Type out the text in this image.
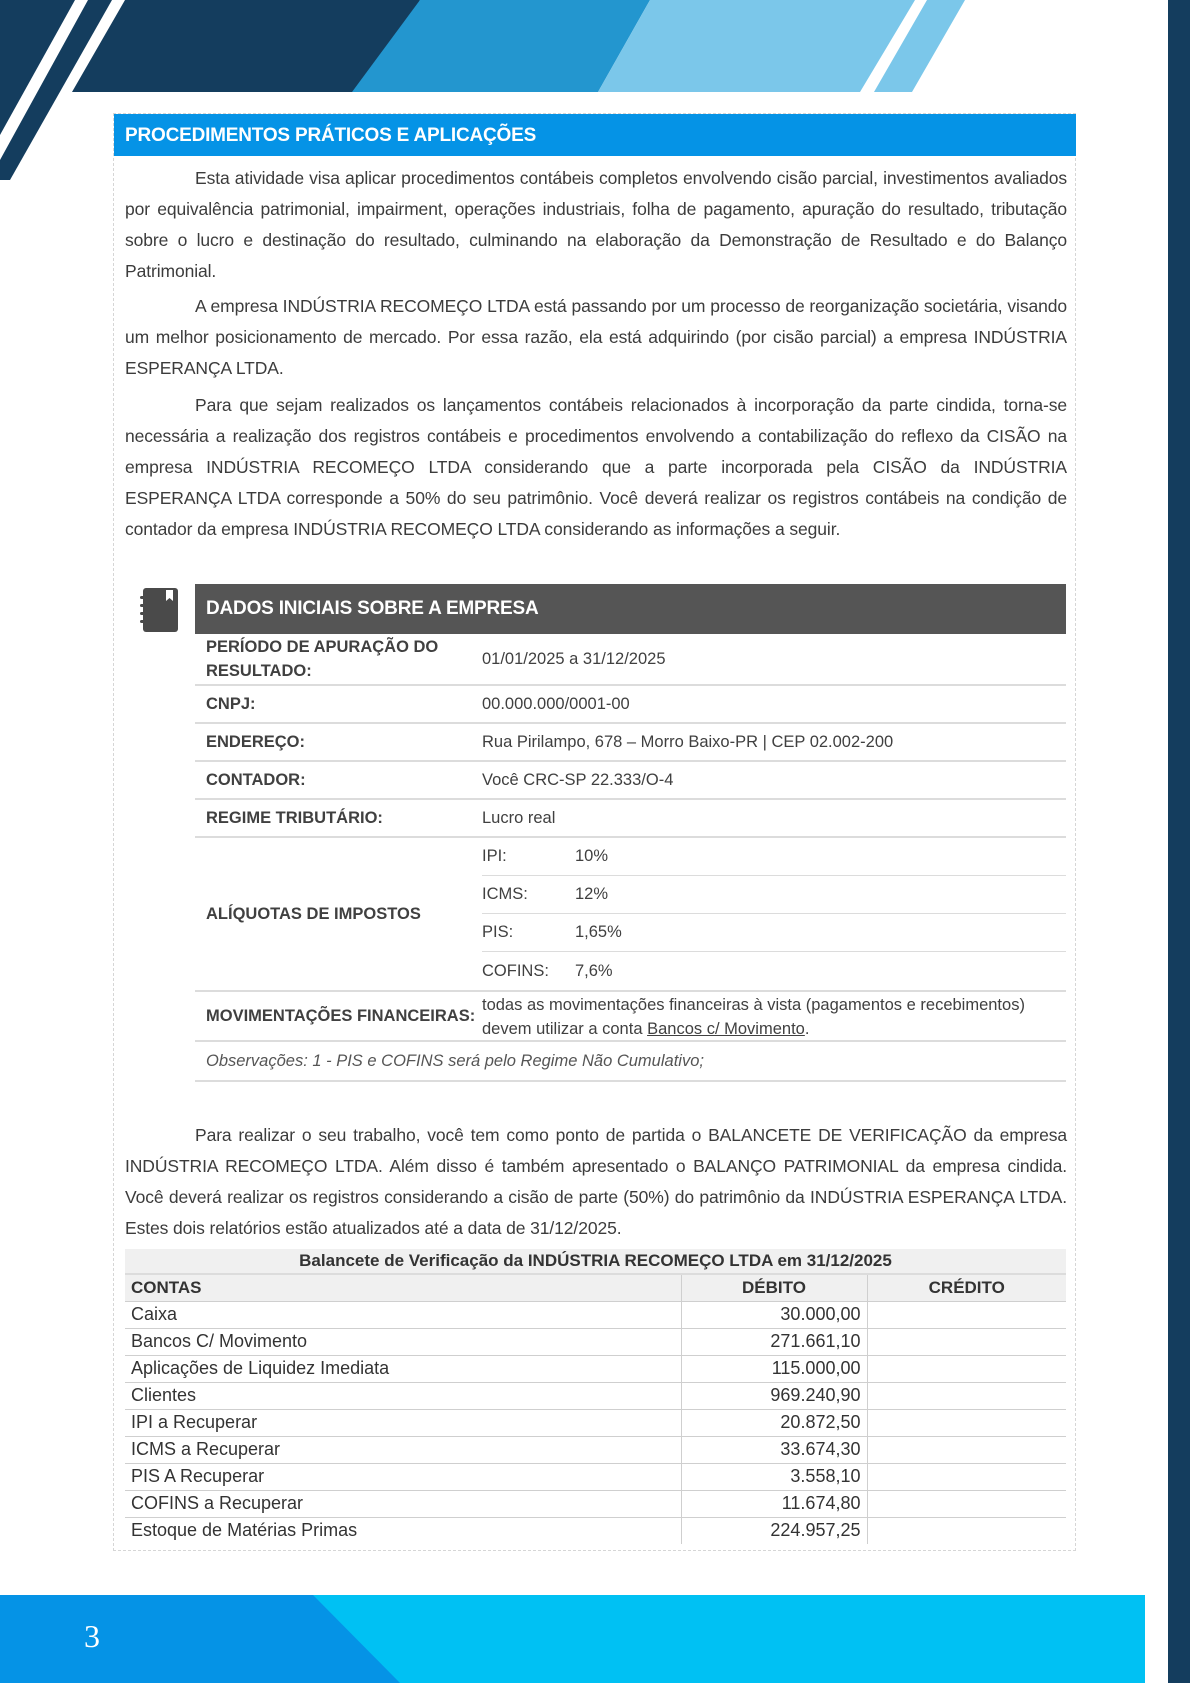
PROCEDIMENTOS PRÁTICOS E APLICAÇÕES

Esta atividade visa aplicar procedimentos contábeis completos envolvendo cisão parcial, investimentos avaliados por equivalência patrimonial, impairment, operações industriais, folha de pagamento, apuração do resultado, tributação sobre o lucro e destinação do resultado, culminando na elaboração da Demonstração de Resultado e do Balanço Patrimonial.

A empresa INDÚSTRIA RECOMEÇO LTDA está passando por um processo de reorganização societária, visando um melhor posicionamento de mercado. Por essa razão, ela está adquirindo (por cisão parcial) a empresa INDÚSTRIA ESPERANÇA LTDA.

Para que sejam realizados os lançamentos contábeis relacionados à incorporação da parte cindida, torna-se necessária a realização dos registros contábeis e procedimentos envolvendo a contabilização do reflexo da CISÃO na empresa INDÚSTRIA RECOMEÇO LTDA considerando que a parte incorporada pela CISÃO da INDÚSTRIA ESPERANÇA LTDA corresponde a 50% do seu patrimônio. Você deverá realizar os registros contábeis na condição de contador da empresa INDÚSTRIA RECOMEÇO LTDA considerando as informações a seguir.

DADOS INICIAIS SOBRE A EMPRESA
PERÍODO DE APURAÇÃO DO RESULTADO:
01/01/2025 a 31/12/2025
CNPJ:	00.000.000/0001-00
ENDEREÇO:	Rua Pirilampo, 678 – Morro Baixo-PR | CEP 02.002-200
CONTADOR:	Você CRC-SP 22.333/O-4
REGIME TRIBUTÁRIO:	Lucro real
ALÍQUOTAS DE IMPOSTOS
IPI:	10%
ICMS:	12%
PIS:	1,65%
COFINS:	7,6%
MOVIMENTAÇÕES FINANCEIRAS:
todas as movimentações financeiras à vista (pagamentos e recebimentos) devem utilizar a conta Bancos c/ Movimento.
Observações: 1 - PIS e COFINS será pelo Regime Não Cumulativo;

Para realizar o seu trabalho, você tem como ponto de partida o BALANCETE DE VERIFICAÇÃO da empresa INDÚSTRIA RECOMEÇO LTDA. Além disso é também apresentado o BALANÇO PATRIMONIAL da empresa cindida. Você deverá realizar os registros considerando a cisão de parte (50%) do patrimônio da INDÚSTRIA ESPERANÇA LTDA. Estes dois relatórios estão atualizados até a data de 31/12/2025.

Balancete de Verificação da INDÚSTRIA RECOMEÇO LTDA em 31/12/2025		
CONTAS	DÉBITO	CRÉDITO
Caixa	30.000,00	
Bancos C/ Movimento	271.661,10	
Aplicações de Liquidez Imediata	115.000,00	
Clientes	969.240,90	
IPI a Recuperar	20.872,50	
ICMS a Recuperar	33.674,30	
PIS A Recuperar	3.558,10	
COFINS a Recuperar	11.674,80	
Estoque de Matérias Primas	224.957,25	
3
